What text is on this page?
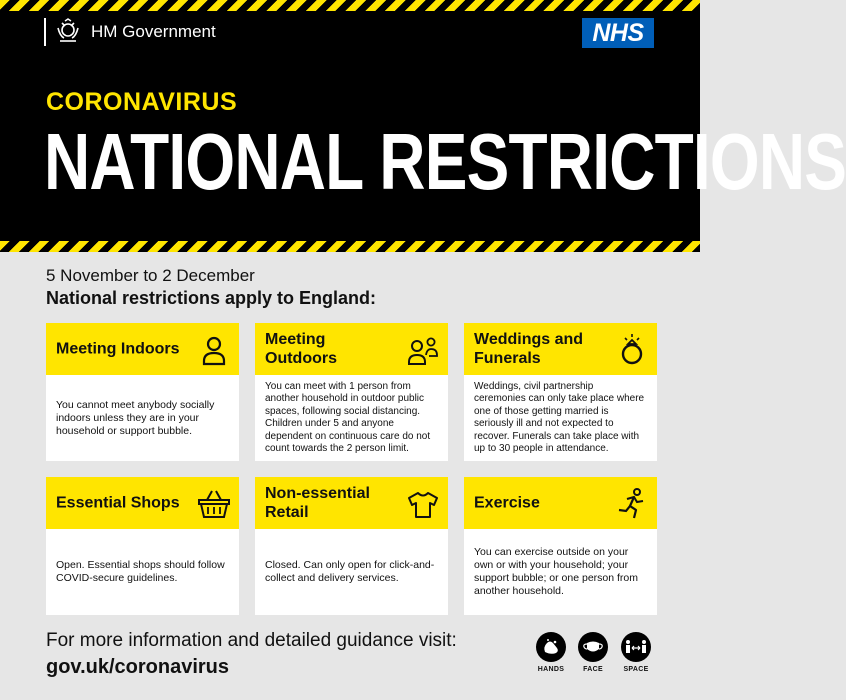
HM Government	NHS
CORONAVIRUS
NATIONAL RESTRICTIONS
5 November to 2 December
National restrictions apply to England:
Meeting Indoors
You cannot meet anybody socially indoors unless they are in your household or support bubble.
Meeting Outdoors
You can meet with 1 person from another household in outdoor public spaces, following social distancing. Children under 5 and anyone dependent on continuous care do not count towards the 2 person limit.
Weddings and Funerals
Weddings, civil partnership ceremonies can only take place where one of those getting married is seriously ill and not expected to recover. Funerals can take place with up to 30 people in attendance.
Essential Shops
Open. Essential shops should follow COVID-secure guidelines.
Non-essential Retail
Closed. Can only open for click-and-collect and delivery services.
Exercise
You can exercise outside on your own or with your household; your support bubble; or one person from another household.
For more information and detailed guidance visit:
gov.uk/coronavirus	HANDS	FACE	SPACE
